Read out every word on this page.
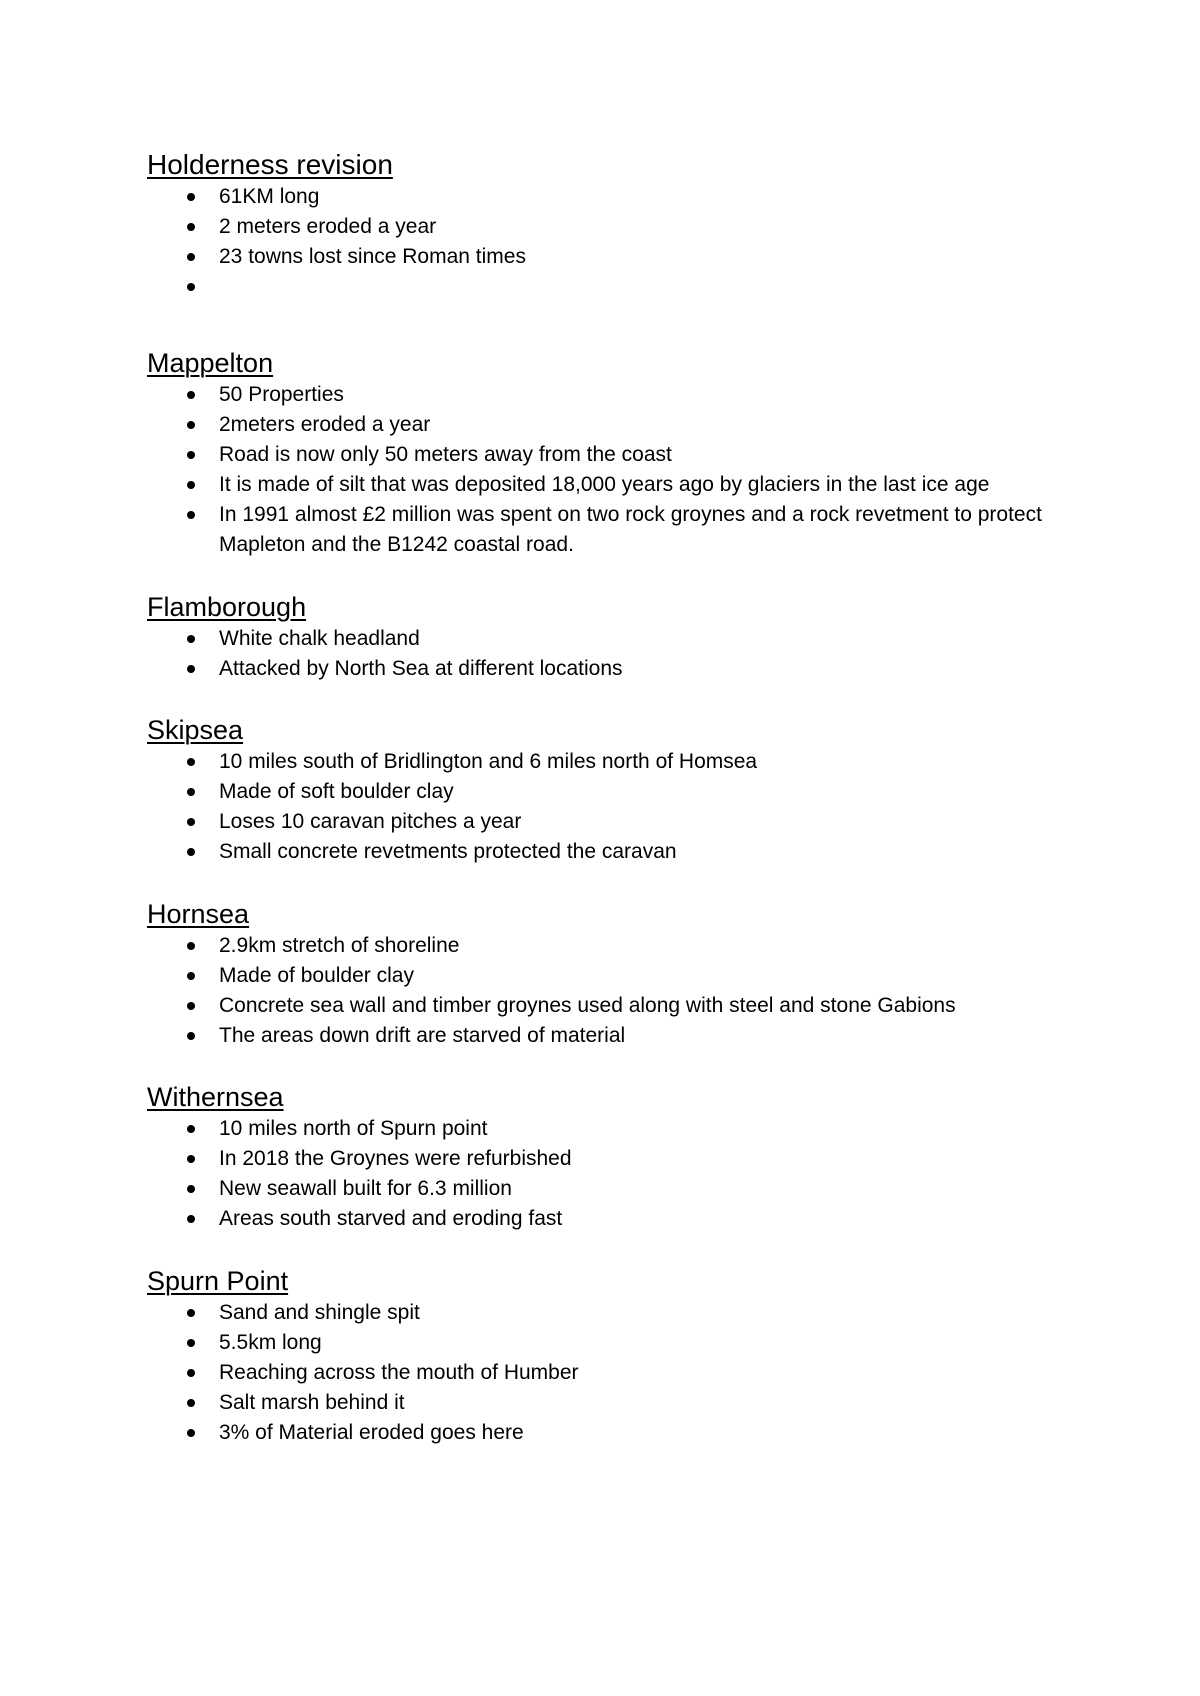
Holderness revision
61KM long
2 meters eroded a year
23 towns lost since Roman times
Mappelton
50 Properties
2meters eroded a year
Road is now only 50 meters away from the coast
It is made of silt that was deposited 18,000 years ago by glaciers in the last ice age
In 1991 almost £2 million was spent on two rock groynes and a rock revetment to protect Mapleton and the B1242 coastal road.
Flamborough
White chalk headland
Attacked by North Sea at different locations
Skipsea
10 miles south of Bridlington and 6 miles north of Homsea
Made of soft boulder clay
Loses 10 caravan pitches a year
Small concrete revetments protected the caravan
Hornsea
2.9km stretch of shoreline
Made of boulder clay
Concrete sea wall and timber groynes used along with steel and stone Gabions
The areas down drift are starved of material
Withernsea
10 miles north of Spurn point
In 2018 the Groynes were refurbished
New seawall built for 6.3 million
Areas south starved and eroding fast
Spurn Point
Sand and shingle spit
5.5km long
Reaching across the mouth of Humber
Salt marsh behind it
3% of Material eroded goes here
